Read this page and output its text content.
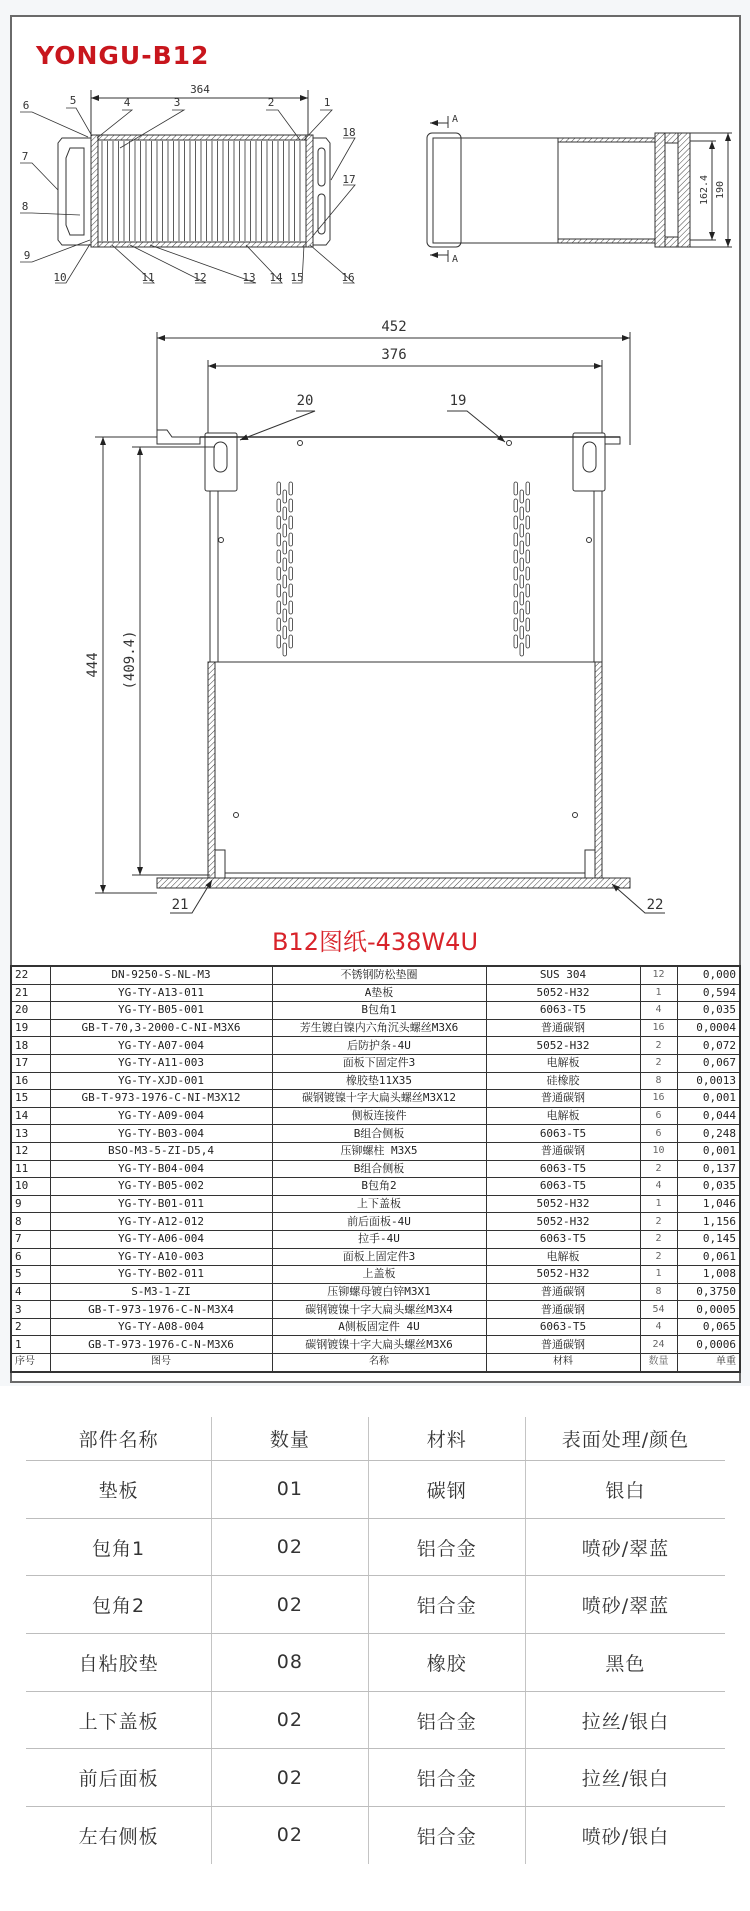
YONGU-B12
364
1
2
3
4
5
6
7
8
9
10	11	12	13 14 15	16
17
18
A
A
162.4 190
452
376
20	19
21	22
444 (409.4)
B12图纸-438W4U
22	DN-9250-S-NL-M3	不锈钢防松垫圈	SUS 304	12	0,000
21	YG-TY-A13-011	A垫板	5052-H32	1	0,594
20	YG-TY-B05-001	B包角1	6063-T5	4	0,035
19	GB-T-70,3-2000-C-NI-M3X6	芳生镀白镍内六角沉头螺丝M3X6	普通碳钢	16	0,0004
18	YG-TY-A07-004	后防护条-4U	5052-H32	2	0,072
17	YG-TY-A11-003	面板下固定件3	电解板	2	0,067
16	YG-TY-XJD-001	橡胶垫11X35	硅橡胶	8	0,0013
15	GB-T-973-1976-C-NI-M3X12	碳钢镀镍十字大扁头螺丝M3X12	普通碳钢	16	0,001
14	YG-TY-A09-004	侧板连接件	电解板	6	0,044
13	YG-TY-B03-004	B组合侧板	6063-T5	6	0,248
12	BSO-M3-5-ZI-D5,4	压铆螺柱 M3X5	普通碳钢	10	0,001
11	YG-TY-B04-004	B组合侧板	6063-T5	2	0,137
10	YG-TY-B05-002	B包角2	6063-T5	4	0,035
9	YG-TY-B01-011	上下盖板	5052-H32	1	1,046
8	YG-TY-A12-012	前后面板-4U	5052-H32	2	1,156
7	YG-TY-A06-004	拉手-4U	6063-T5	2	0,145
6	YG-TY-A10-003	面板上固定件3	电解板	2	0,061
5	YG-TY-B02-011	上盖板	5052-H32	1	1,008
4	S-M3-1-ZI	压铆螺母镀白锌M3X1	普通碳钢	8	0,3750
3	GB-T-973-1976-C-N-M3X4	碳钢镀镍十字大扁头螺丝M3X4	普通碳钢	54	0,0005
2	YG-TY-A08-004	A侧板固定件 4U	6063-T5	4	0,065
1	GB-T-973-1976-C-N-M3X6	碳钢镀镍十字大扁头螺丝M3X6	普通碳钢	24	0,0006
序号	图号	名称	材料	数量	单重
部件名称	数量	材料	表面处理/颜色
垫板	01	碳钢	银白
包角1	02	铝合金	喷砂/翠蓝
包角2	02	铝合金	喷砂/翠蓝
自粘胶垫	08	橡胶	黑色
上下盖板	02	铝合金	拉丝/银白
前后面板	02	铝合金	拉丝/银白
左右侧板	02	铝合金	喷砂/银白
